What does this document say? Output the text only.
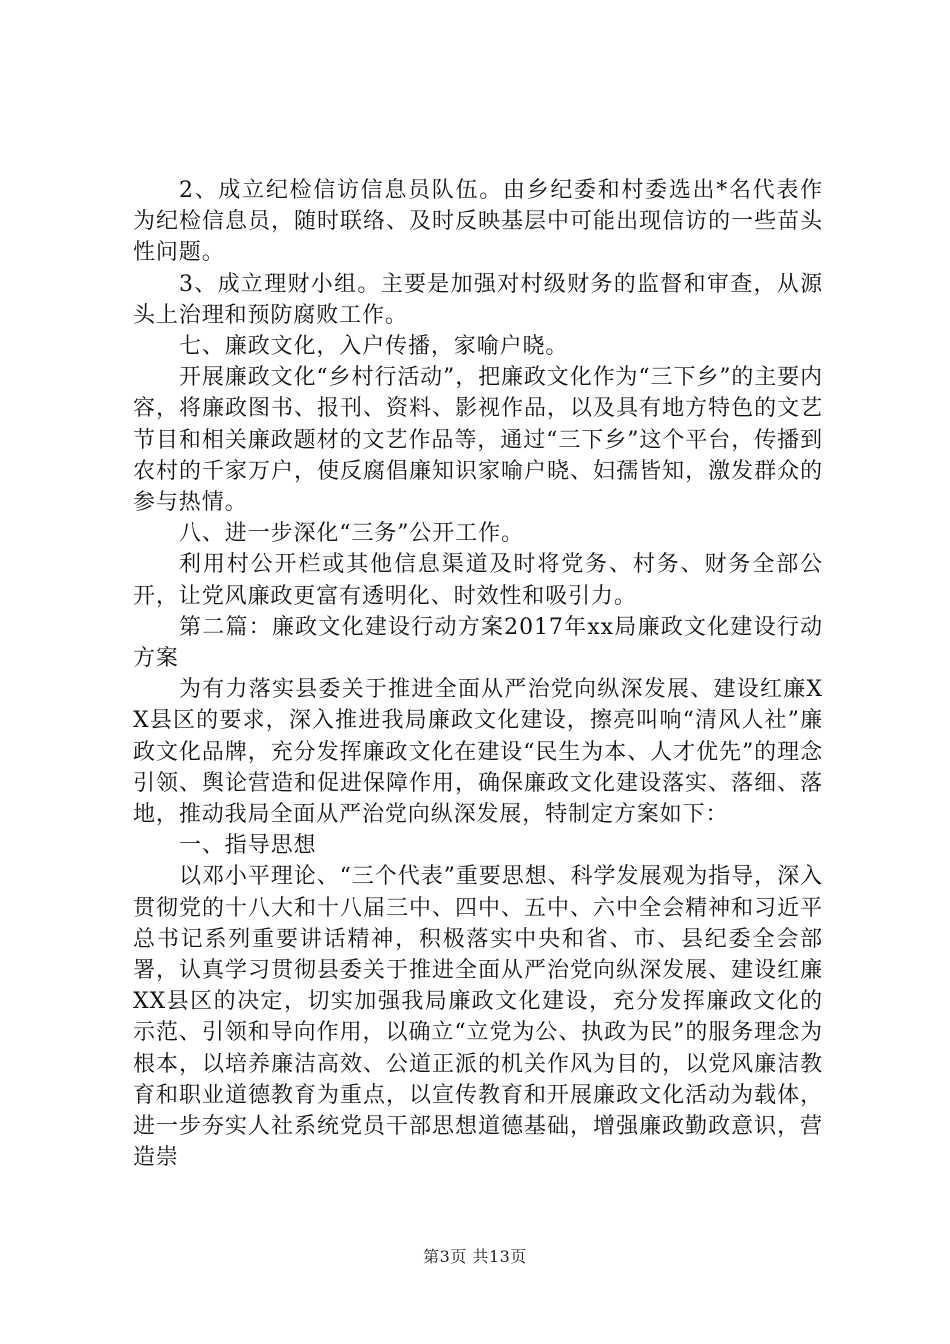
2、成立纪检信访信息员队伍。由乡纪委和村委选出*名代表作为纪检信息员，随时联络、及时反映基层中可能出现信访的一些苗头性问题。

3、成立理财小组。主要是加强对村级财务的监督和审查，从源头上治理和预防腐败工作。

七、廉政文化，入户传播，家喻户晓。

开展廉政文化“乡村行活动”，把廉政文化作为“三下乡”的主要内容，将廉政图书、报刊、资料、影视作品，以及具有地方特色的文艺节目和相关廉政题材的文艺作品等，通过“三下乡”这个平台，传播到农村的千家万户，使反腐倡廉知识家喻户晓、妇孺皆知，激发群众的参与热情。

八、进一步深化“三务”公开工作。

利用村公开栏或其他信息渠道及时将党务、村务、财务全部公开，让党风廉政更富有透明化、时效性和吸引力。

第二篇：廉政文化建设行动方案2017年xx局廉政文化建设行动方案

为有力落实县委关于推进全面从严治党向纵深发展、建设红廉XX县区的要求，深入推进我局廉政文化建设，擦亮叫响“清风人社”廉政文化品牌，充分发挥廉政文化在建设“民生为本、人才优先”的理念引领、舆论营造和促进保障作用，确保廉政文化建设落实、落细、落地，推动我局全面从严治党向纵深发展，特制定方案如下：

一、指导思想

以邓小平理论、“三个代表”重要思想、科学发展观为指导，深入贯彻党的十八大和十八届三中、四中、五中、六中全会精神和习近平总书记系列重要讲话精神，积极落实中央和省、市、县纪委全会部署，认真学习贯彻县委关于推进全面从严治党向纵深发展、建设红廉XX县区的决定，切实加强我局廉政文化建设，充分发挥廉政文化的示范、引领和导向作用，以确立“立党为公、执政为民”的服务理念为根本，以培养廉洁高效、公道正派的机关作风为目的，以党风廉洁教育和职业道德教育为重点，以宣传教育和开展廉政文化活动为载体，进一步夯实人社系统党员干部思想道德基础，增强廉政勤政意识，营造崇

第3页 共13页
